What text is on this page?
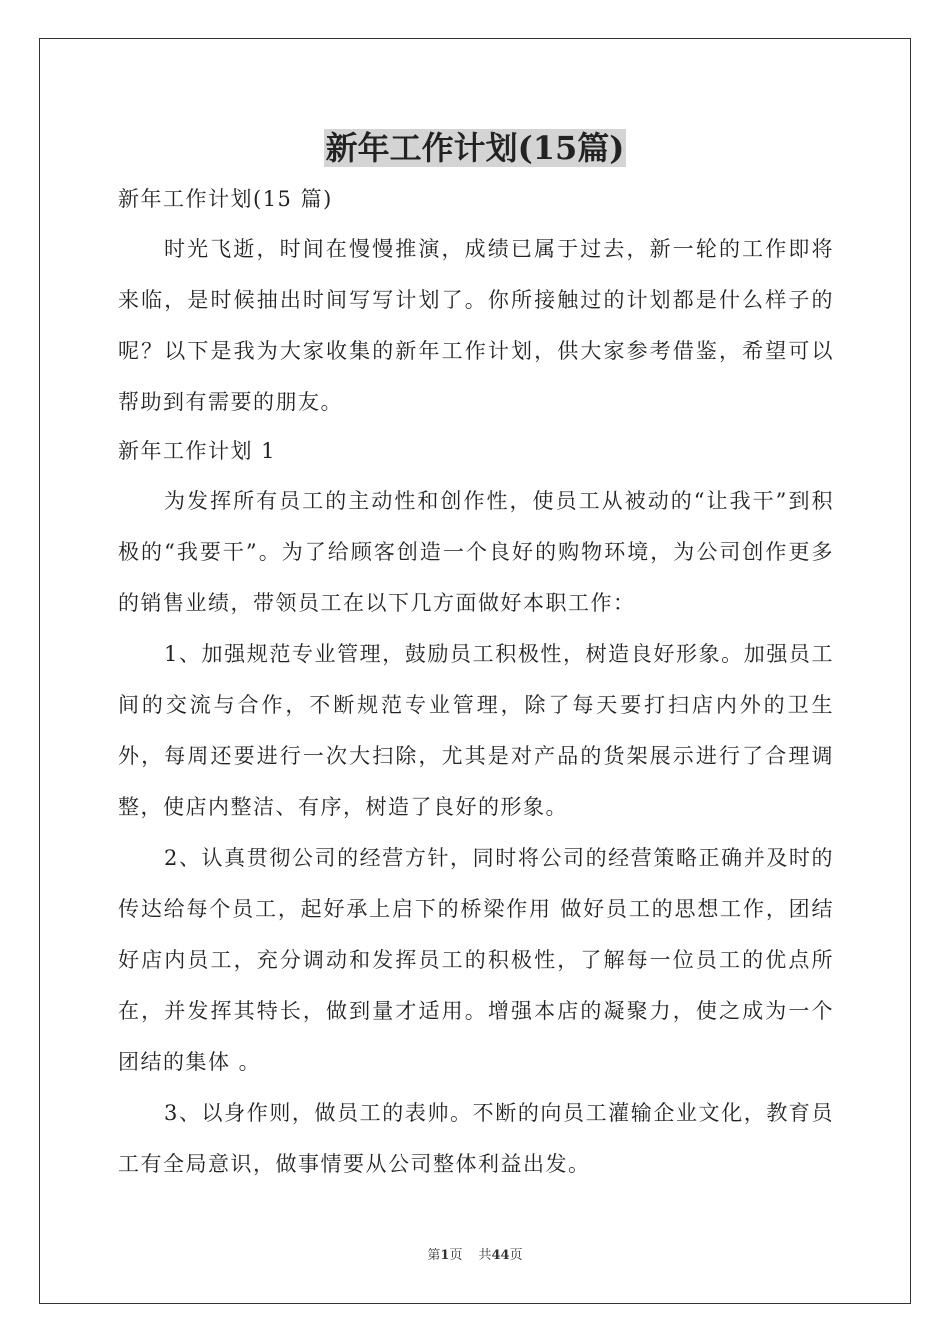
新年工作计划(15篇)

新年工作计划(15 篇)

时光飞逝，时间在慢慢推演，成绩已属于过去，新一轮的工作即将来临，是时候抽出时间写写计划了。你所接触过的计划都是什么样子的呢？以下是我为大家收集的新年工作计划，供大家参考借鉴，希望可以帮助到有需要的朋友。

新年工作计划 1

为发挥所有员工的主动性和创作性，使员工从被动的“让我干”到积极的“我要干”。为了给顾客创造一个良好的购物环境，为公司创作更多的销售业绩，带领员工在以下几方面做好本职工作：

1、加强规范专业管理，鼓励员工积极性，树造良好形象。加强员工间的交流与合作，不断规范专业管理，除了每天要打扫店内外的卫生外，每周还要进行一次大扫除，尤其是对产品的货架展示进行了合理调整，使店内整洁、有序，树造了良好的形象。

2、认真贯彻公司的经营方针，同时将公司的经营策略正确并及时的传达给每个员工，起好承上启下的桥梁作用 做好员工的思想工作，团结好店内员工，充分调动和发挥员工的积极性，了解每一位员工的优点所在，并发挥其特长，做到量才适用。增强本店的凝聚力，使之成为一个团结的集体 。

3、以身作则，做员工的表帅。不断的向员工灌输企业文化，教育员工有全局意识，做事情要从公司整体利益出发。

第1页 共44页
